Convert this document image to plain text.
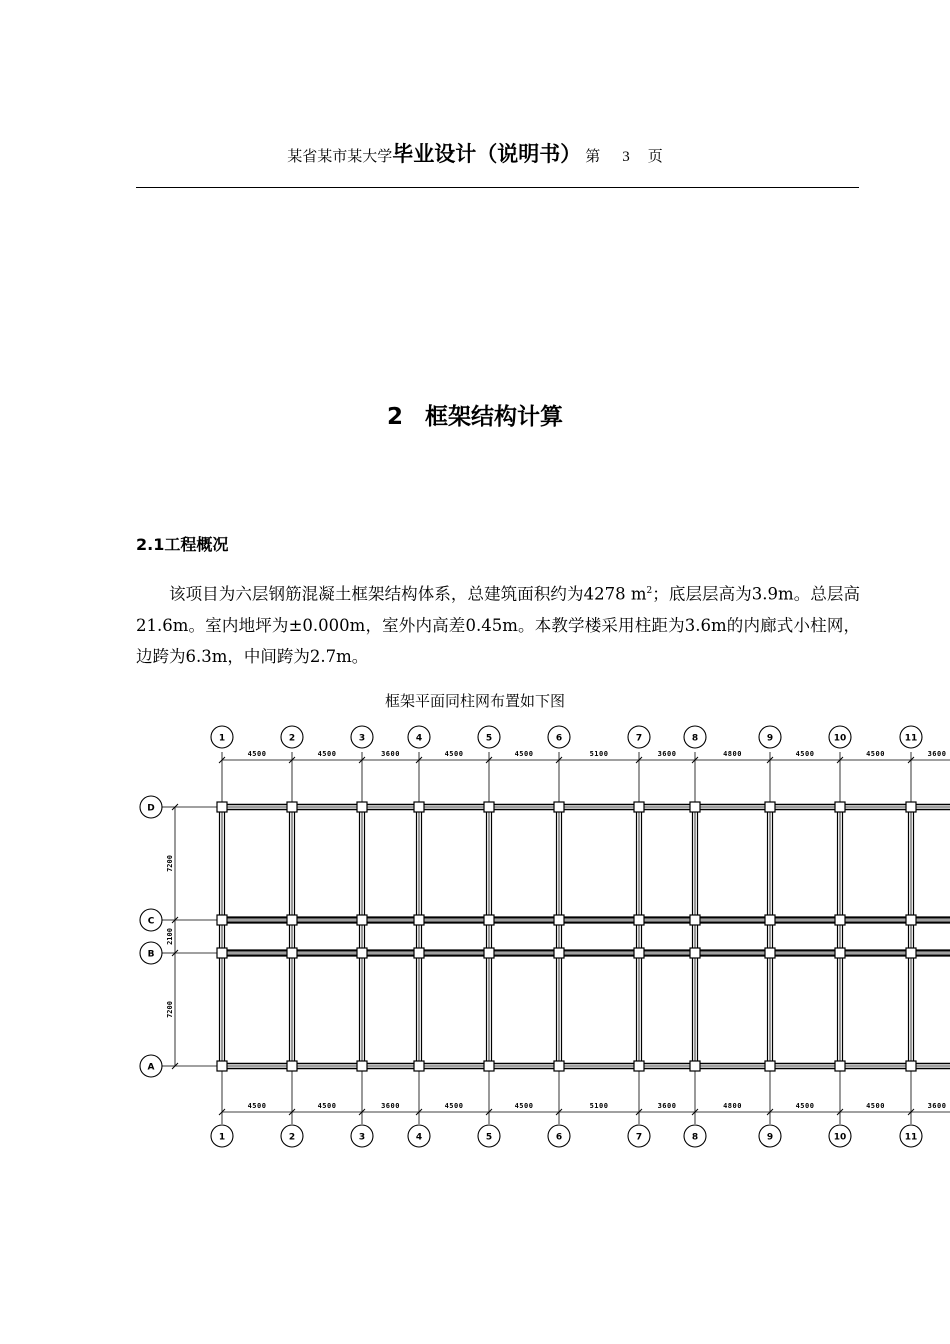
某省某市某大学毕业设计（说明书） 第 3 页
2 框架结构计算
2.1工程概况
该项目为六层钢筋混凝土框架结构体系，总建筑面积约为4278 $m^2$；底层层高为3.9m。总层高21.6m。室内地坪为±0.000m，室外内高差0.45m。本教学楼采用柱距为3.6m的内廊式小柱网，边跨为6.3m，中间跨为2.7m。
框架平面同柱网布置如下图
4500	4500	3600	4500	4500	5100	3600	4800	4500	4500	3600
4500	4500	3600	4500	4500	5100	3600	4800	4500	4500	3600
7200
2100
7200
1
1
2
2
3
3
4
4
5
5
6
6
7
7
8
8
9
9
10
10
11
11
D
C
B
A
